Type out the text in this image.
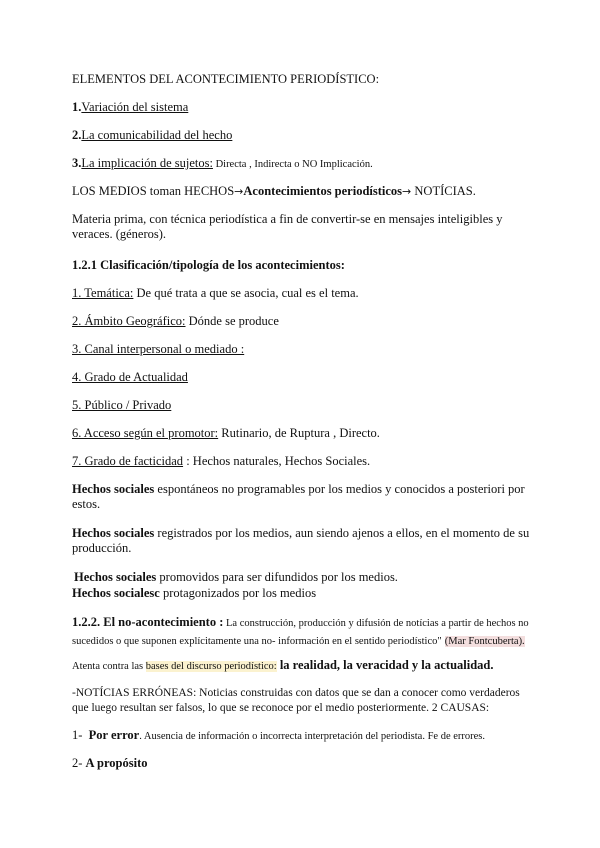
ELEMENTOS DEL ACONTECIMIENTO PERIODÍSTICO:
1.Variación del sistema
2.La comunicabilidad del hecho
3.La implicación de sujetos: Directa , Indirecta o NO Implicación.
LOS MEDIOS toman HECHOS→Acontecimientos periodísticos→ NOTÍCIAS.
Materia prima, con técnica periodística a fin de convertir-se en mensajes inteligibles y veraces. (géneros).
1.2.1 Clasificación/tipología de los acontecimientos:
1. Temática: De qué trata a que se asocia, cual es el tema.
2. Ámbito Geográfico: Dónde se produce
3. Canal interpersonal o mediado :
4. Grado de Actualidad
5. Público / Privado
6. Acceso según el promotor: Rutinario, de Ruptura , Directo.
7. Grado de facticidad : Hechos naturales, Hechos Sociales.
Hechos sociales espontáneos no programables por los medios y conocidos a posteriori por estos.
Hechos sociales registrados por los medios, aun siendo ajenos a ellos, en el momento de su producción.
Hechos sociales promovidos para ser difundidos por los medios.
Hechos socialesc protagonizados por los medios
1.2.2. El no-acontecimiento : La construcción, producción y difusión de notícias a partir de hechos no sucedidos o que suponen explícitamente una no- información en el sentido periodístico" (Mar Fontcuberta).
Atenta contra las bases del discurso periodístico: la realidad, la veracidad y la actualidad.
-NOTÍCIAS ERRÓNEAS: Noticias construidas con datos que se dan a conocer como verdaderos que luego resultan ser falsos, lo que se reconoce por el medio posteriormente. 2 CAUSAS:
1- Por error. Ausencia de información o incorrecta interpretación del periodista. Fe de errores.
2- A propósito
